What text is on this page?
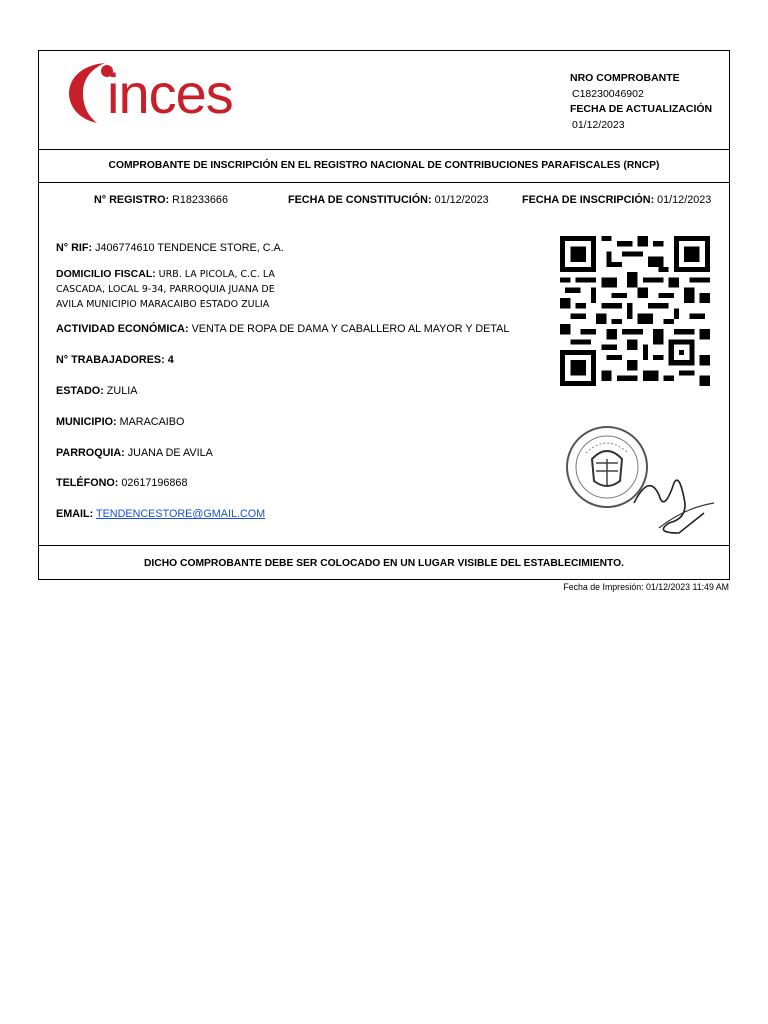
inces	NRO COMPROBANTE
C18230046902
FECHA DE ACTUALIZACIÓN
01/12/2023
COMPROBANTE DE INSCRIPCIÓN EN EL REGISTRO NACIONAL DE CONTRIBUCIONES PARAFISCALES (RNCP)
N° REGISTRO: R18233666	FECHA DE CONSTITUCIÓN: 01/12/2023	FECHA DE INSCRIPCIÓN: 01/12/2023
N° RIF: J406774610 TENDENCE STORE, C.A.
DOMICILIO FISCAL: URB. LA PICOLA, C.C. LA
CASCADA, LOCAL 9-34, PARROQUIA JUANA DE
AVILA MUNICIPIO MARACAIBO ESTADO ZULIA
ACTIVIDAD ECONÓMICA: VENTA DE ROPA DE DAMA Y CABALLERO AL MAYOR Y DETAL
N° TRABAJADORES: 4
ESTADO: ZULIA
MUNICIPIO: MARACAIBO
PARROQUIA: JUANA DE AVILA
TELÉFONO: 02617196868
EMAIL: TENDENCESTORE@GMAIL.COM
DICHO COMPROBANTE DEBE SER COLOCADO EN UN LUGAR VISIBLE DEL ESTABLECIMIENTO.
Fecha de Impresión: 01/12/2023 11:49 AM
